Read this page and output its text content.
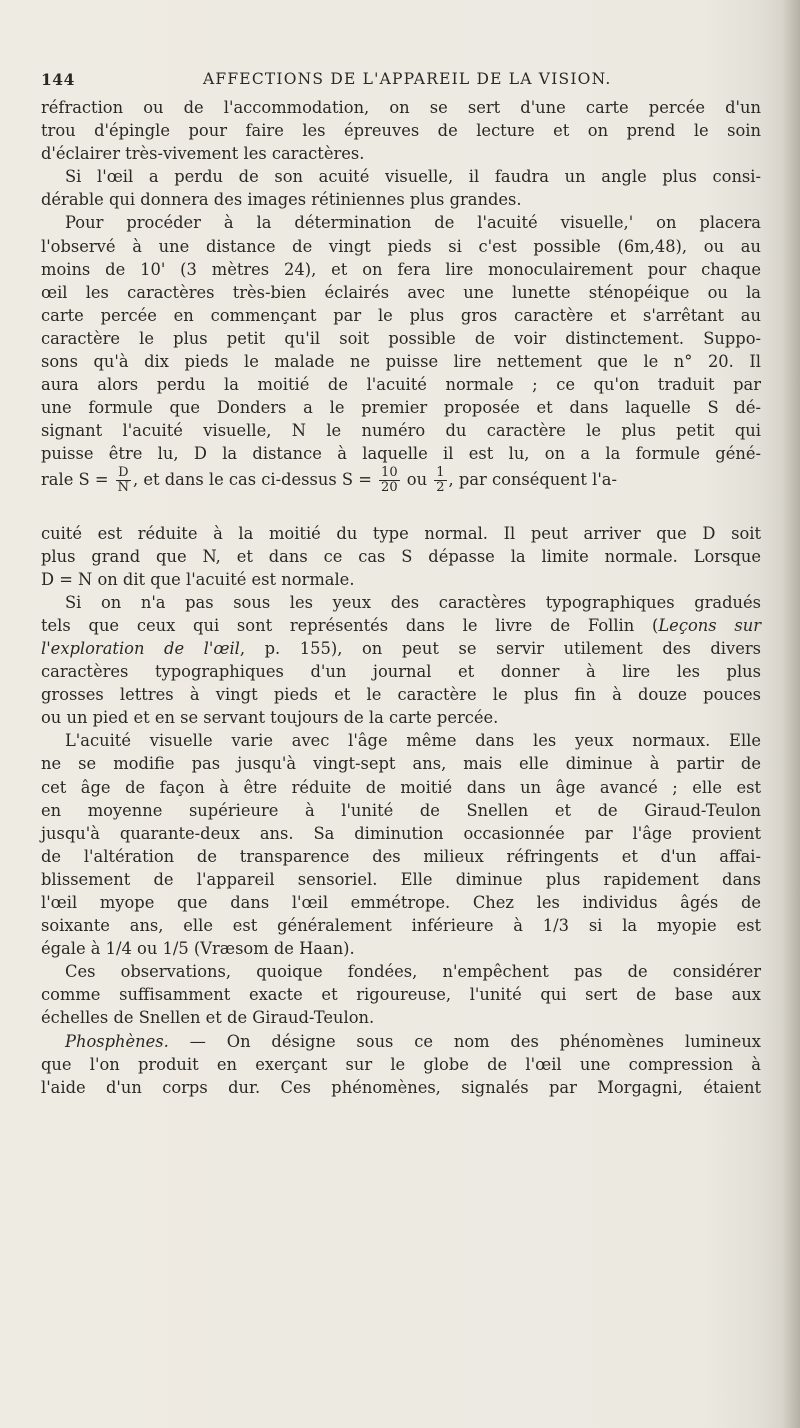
144	AFFECTIONS DE L'APPAREIL DE LA VISION.
réfraction ou de l'accommodation, on se sert d'une carte percée d'un
trou d'épingle pour faire les épreuves de lecture et on prend le soin
d'éclairer très-vivement les caractères.
Si l'œil a perdu de son acuité visuelle, il faudra un angle plus consi-
dérable qui donnera des images rétiniennes plus grandes.
Pour procéder à la détermination de l'acuité visuelle,' on placera
l'observé à une distance de vingt pieds si c'est possible (6m,48), ou au
moins de 10' (3 mètres 24), et on fera lire monoculairement pour chaque
œil les caractères très-bien éclairés avec une lunette sténopéique ou la
carte percée en commençant par le plus gros caractère et s'arrêtant au
caractère le plus petit qu'il soit possible de voir distinctement. Suppo-
sons qu'à dix pieds le malade ne puisse lire nettement que le n° 20. Il
aura alors perdu la moitié de l'acuité normale ; ce qu'on traduit par
une formule que Donders a le premier proposée et dans laquelle S dé-
signant l'acuité visuelle, N le numéro du caractère le plus petit qui
puisse être lu, D la distance à laquelle il est lu, on a la formule géné-
rale $S = \frac{D}{N}$ , et dans le cas ci-dessus $S = \frac{10}{20}$ ou $\frac{1}{2}$ , par conséquent l'a-
cuité est réduite à la moitié du type normal. Il peut arriver que D soit
plus grand que N, et dans ce cas S dépasse la limite normale. Lorsque
D = N on dit que l'acuité est normale.
Si on n'a pas sous les yeux des caractères typographiques gradués
tels que ceux qui sont représentés dans le livre de Follin (Leçons sur
l'exploration de l'œil, p. 155), on peut se servir utilement des divers
caractères typographiques d'un journal et donner à lire les plus
grosses lettres à vingt pieds et le caractère le plus fin à douze pouces
ou un pied et en se servant toujours de la carte percée.
L'acuité visuelle varie avec l'âge même dans les yeux normaux. Elle
ne se modifie pas jusqu'à vingt-sept ans, mais elle diminue à partir de
cet âge de façon à être réduite de moitié dans un âge avancé ; elle est
en moyenne supérieure à l'unité de Snellen et de Giraud-Teulon
jusqu'à quarante-deux ans. Sa diminution occasionnée par l'âge provient
de l'altération de transparence des milieux réfringents et d'un affai-
blissement de l'appareil sensoriel. Elle diminue plus rapidement dans
l'œil myope que dans l'œil emmétrope. Chez les individus âgés de
soixante ans, elle est généralement inférieure à 1/3 si la myopie est
égale à 1/4 ou 1/5 (Vræsom de Haan).
Ces observations, quoique fondées, n'empêchent pas de considérer
comme suffisamment exacte et rigoureuse, l'unité qui sert de base aux
échelles de Snellen et de Giraud-Teulon.
Phosphènes. — On désigne sous ce nom des phénomènes lumineux
que l'on produit en exerçant sur le globe de l'œil une compression à
l'aide d'un corps dur. Ces phénomènes, signalés par Morgagni, étaient
